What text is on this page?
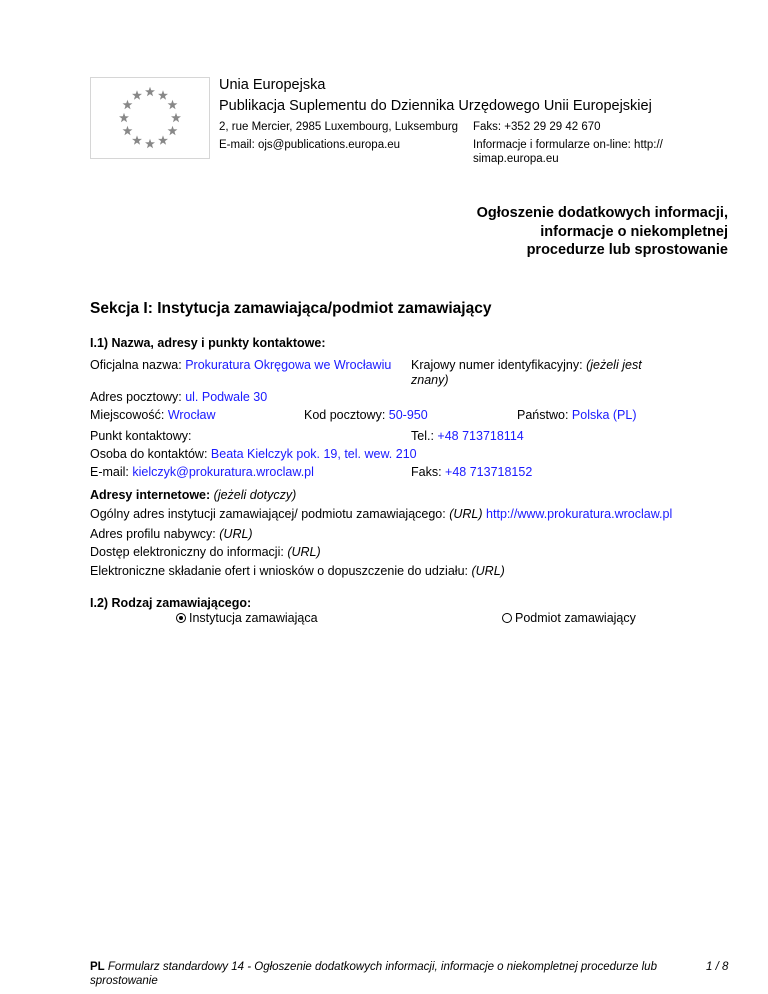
Unia Europejska
Publikacja Suplementu do Dziennika Urzędowego Unii Europejskiej
2, rue Mercier, 2985 Luxembourg, Luksemburg Faks: +352 29 29 42 670
E-mail: ojs@publications.europa.eu	Informacje i formularze on-line: http://
simap.europa.eu
Ogłoszenie dodatkowych informacji, informacje o niekompletnej procedurze lub sprostowanie
Sekcja I: Instytucja zamawiająca/podmiot zamawiający
I.1) Nazwa, adresy i punkty kontaktowe:
Oficjalna nazwa: Prokuratura Okręgowa we Wrocławiu Krajowy numer identyfikacyjny: (jeżeli jest
znany)
Adres pocztowy: ul. Podwale 30
Miejscowość: Wrocław	Kod pocztowy: 50-950	Państwo: Polska (PL)
Punkt kontaktowy:	Tel.: +48 713718114
Osoba do kontaktów: Beata Kielczyk pok. 19, tel. wew. 210
E-mail: kielczyk@prokuratura.wroclaw.pl	Faks: +48 713718152
Adresy internetowe: (jeżeli dotyczy)
Ogólny adres instytucji zamawiającej/ podmiotu zamawiającego: (URL) http://www.prokuratura.wroclaw.pl
Adres profilu nabywcy: (URL)
Dostęp elektroniczny do informacji: (URL)
Elektroniczne składanie ofert i wniosków o dopuszczenie do udziału: (URL)
I.2) Rodzaj zamawiającego:
Instytucja zamawiająca	Podmiot zamawiający
PL Formularz standardowy 14 - Ogłoszenie dodatkowych informacji, informacje o niekompletnej procedurze lub
sprostowanie
1 / 8
